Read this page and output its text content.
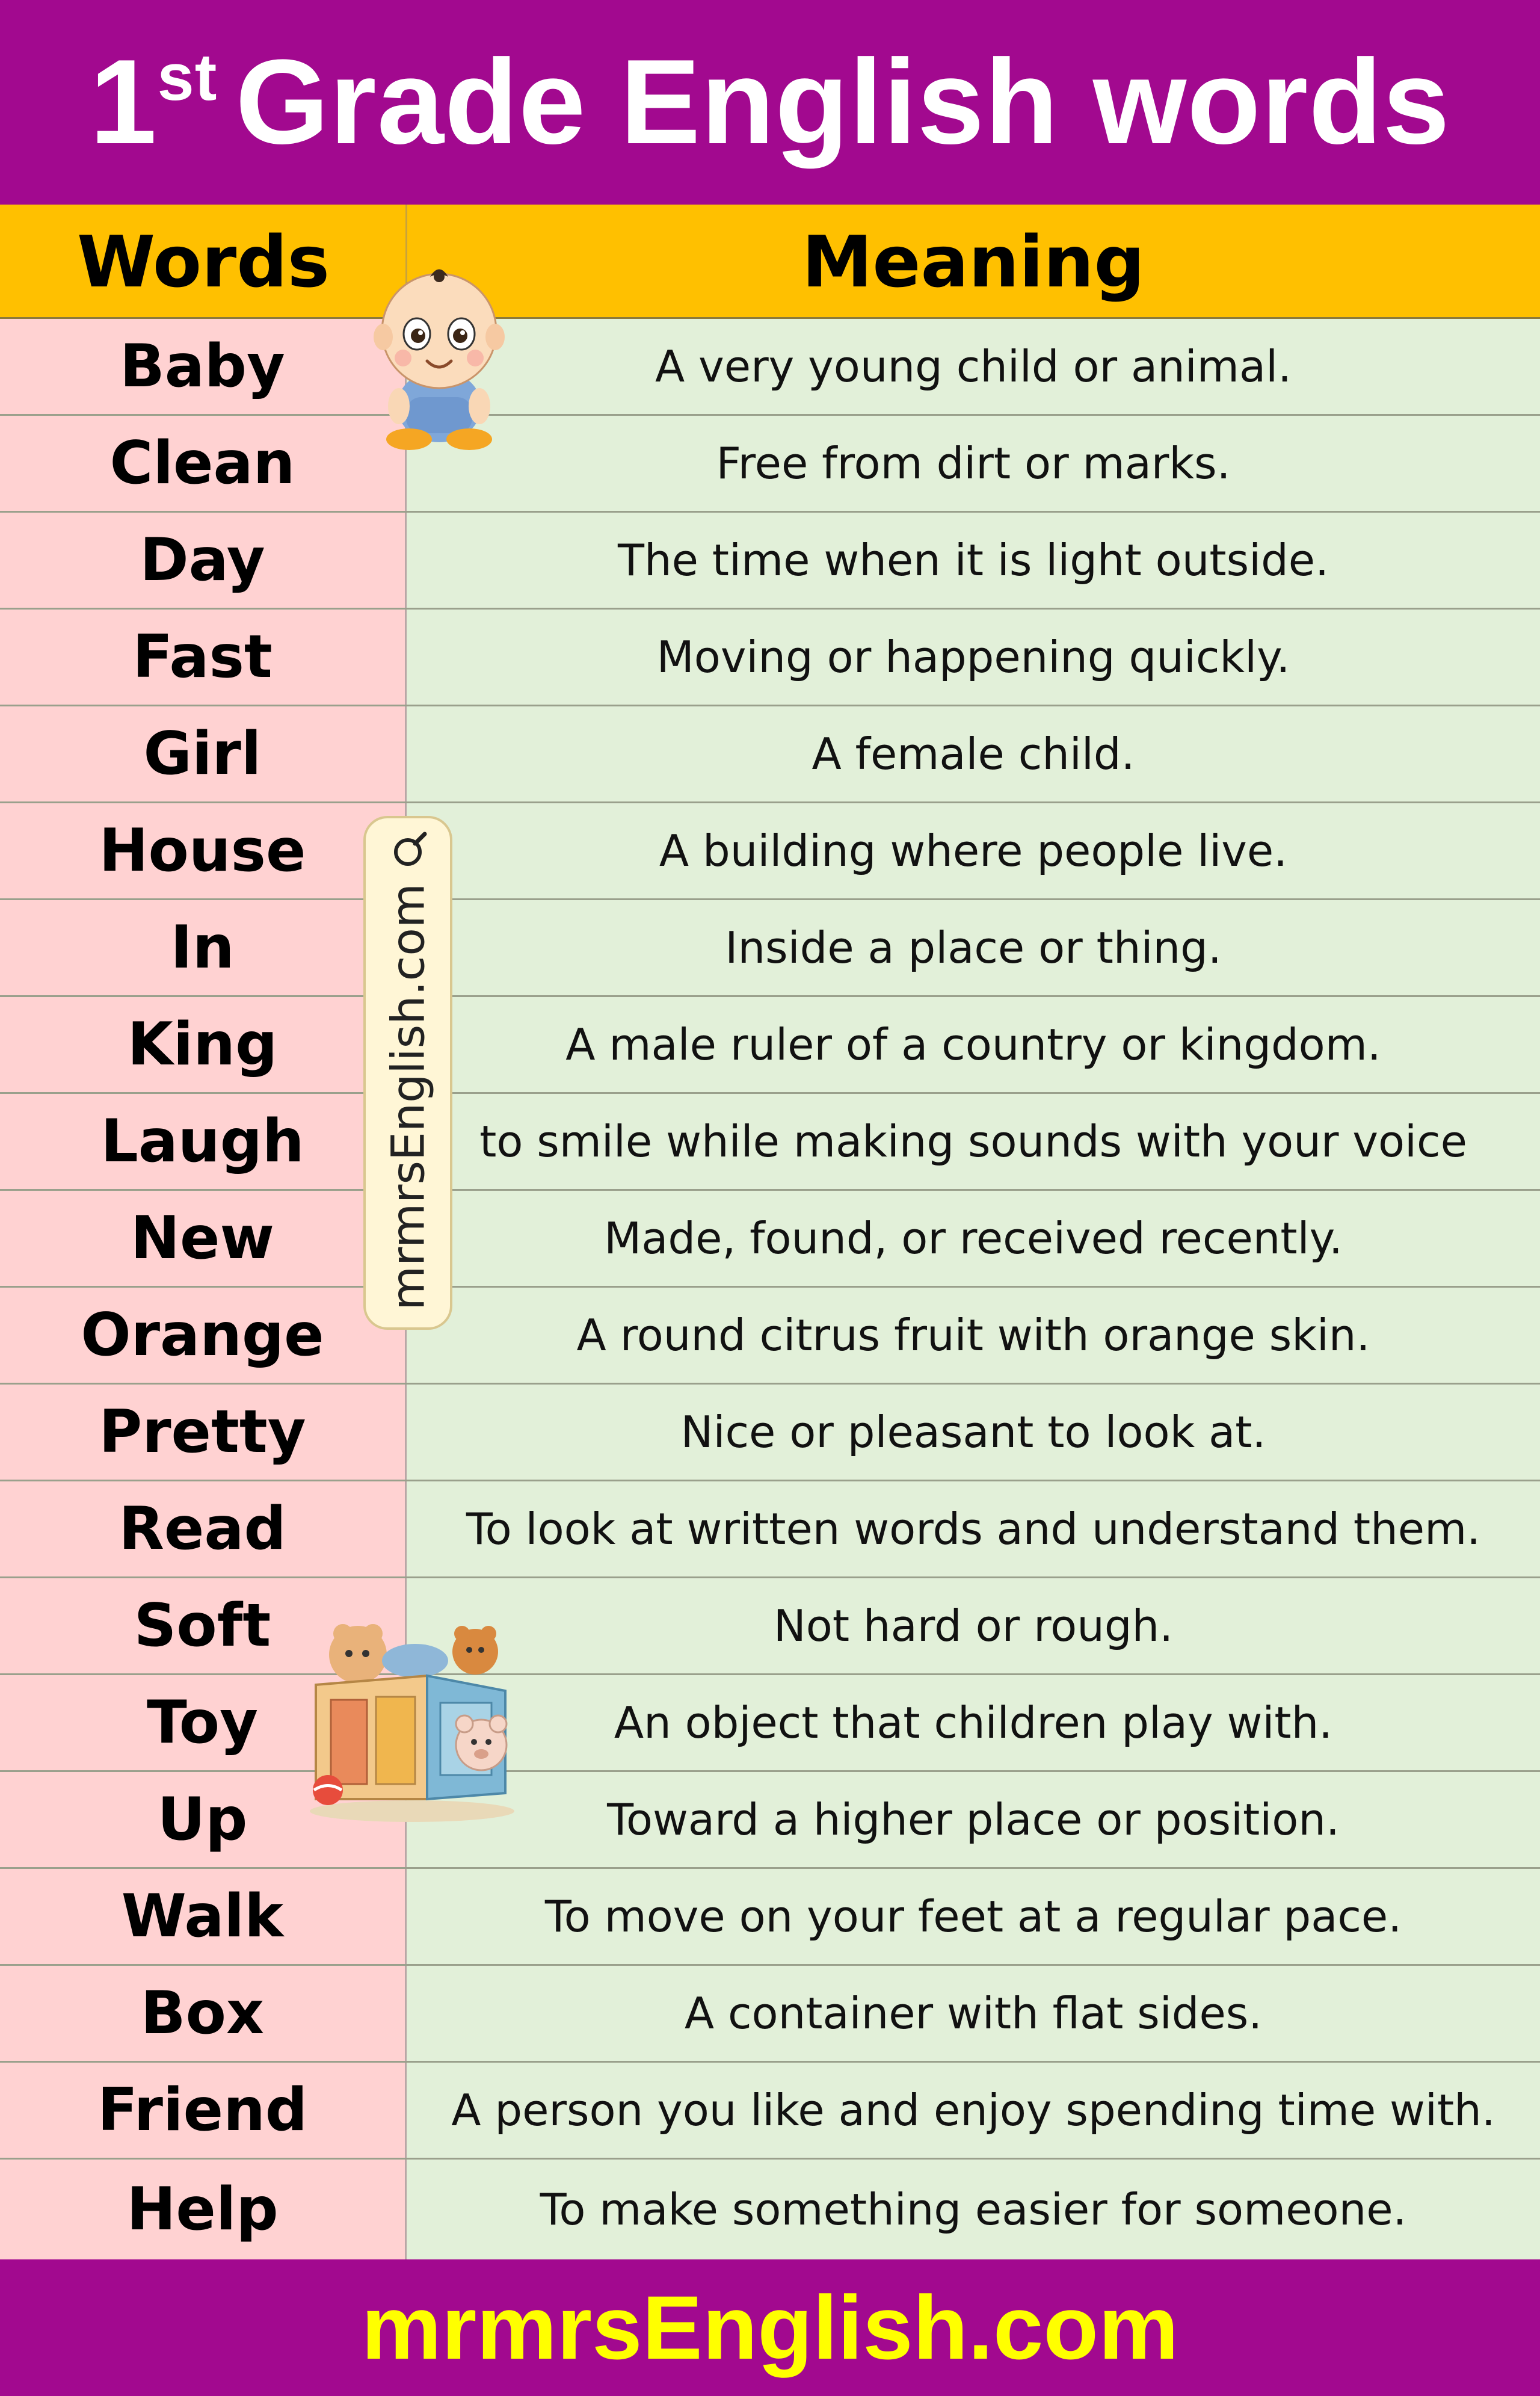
1st Grade English words
Words	Meaning
Baby	A very young child or animal.
Clean	Free from dirt or marks.
Day	The time when it is light outside.
Fast	Moving or happening quickly.
Girl	A female child.
House	A building where people live.
In	Inside a place or thing.
King	A male ruler of a country or kingdom.
Laugh	to smile while making sounds with your voice
New	Made, found, or received recently.
Orange	A round citrus fruit with orange skin.
Pretty	Nice or pleasant to look at.
Read	To look at written words and understand them.
Soft	Not hard or rough.
Toy	An object that children play with.
Up	Toward a higher place or position.
Walk	To move on your feet at a regular pace.
Box	A container with flat sides.
Friend	A person you like and enjoy spending time with.
Help	To make something easier for someone.
mrmrsEnglish.com
mrmrsEnglish.com
